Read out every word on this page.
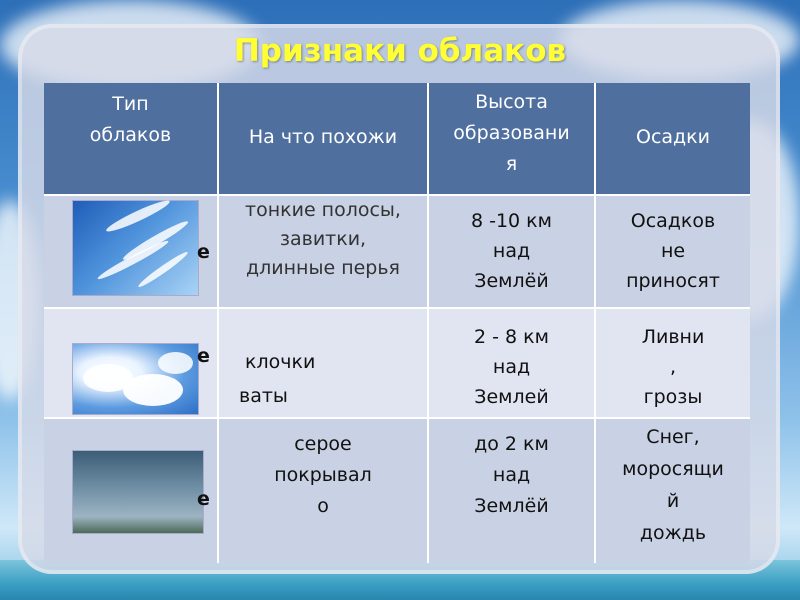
Признаки облаков
Тип
облаков	На что похожи
Высота
образовани
я
Осадки
е
тонкие полосы,
завитки,
длинные перья
8 -10 км
над
Землёй
Осадков
не
приносят
е	клочки
ваты
2 - 8 км
над
Землей
Ливни
,
грозы
е
серое
покрывал
о
до 2 км
над
Землёй
Снег,
моросящи
й
дождь
